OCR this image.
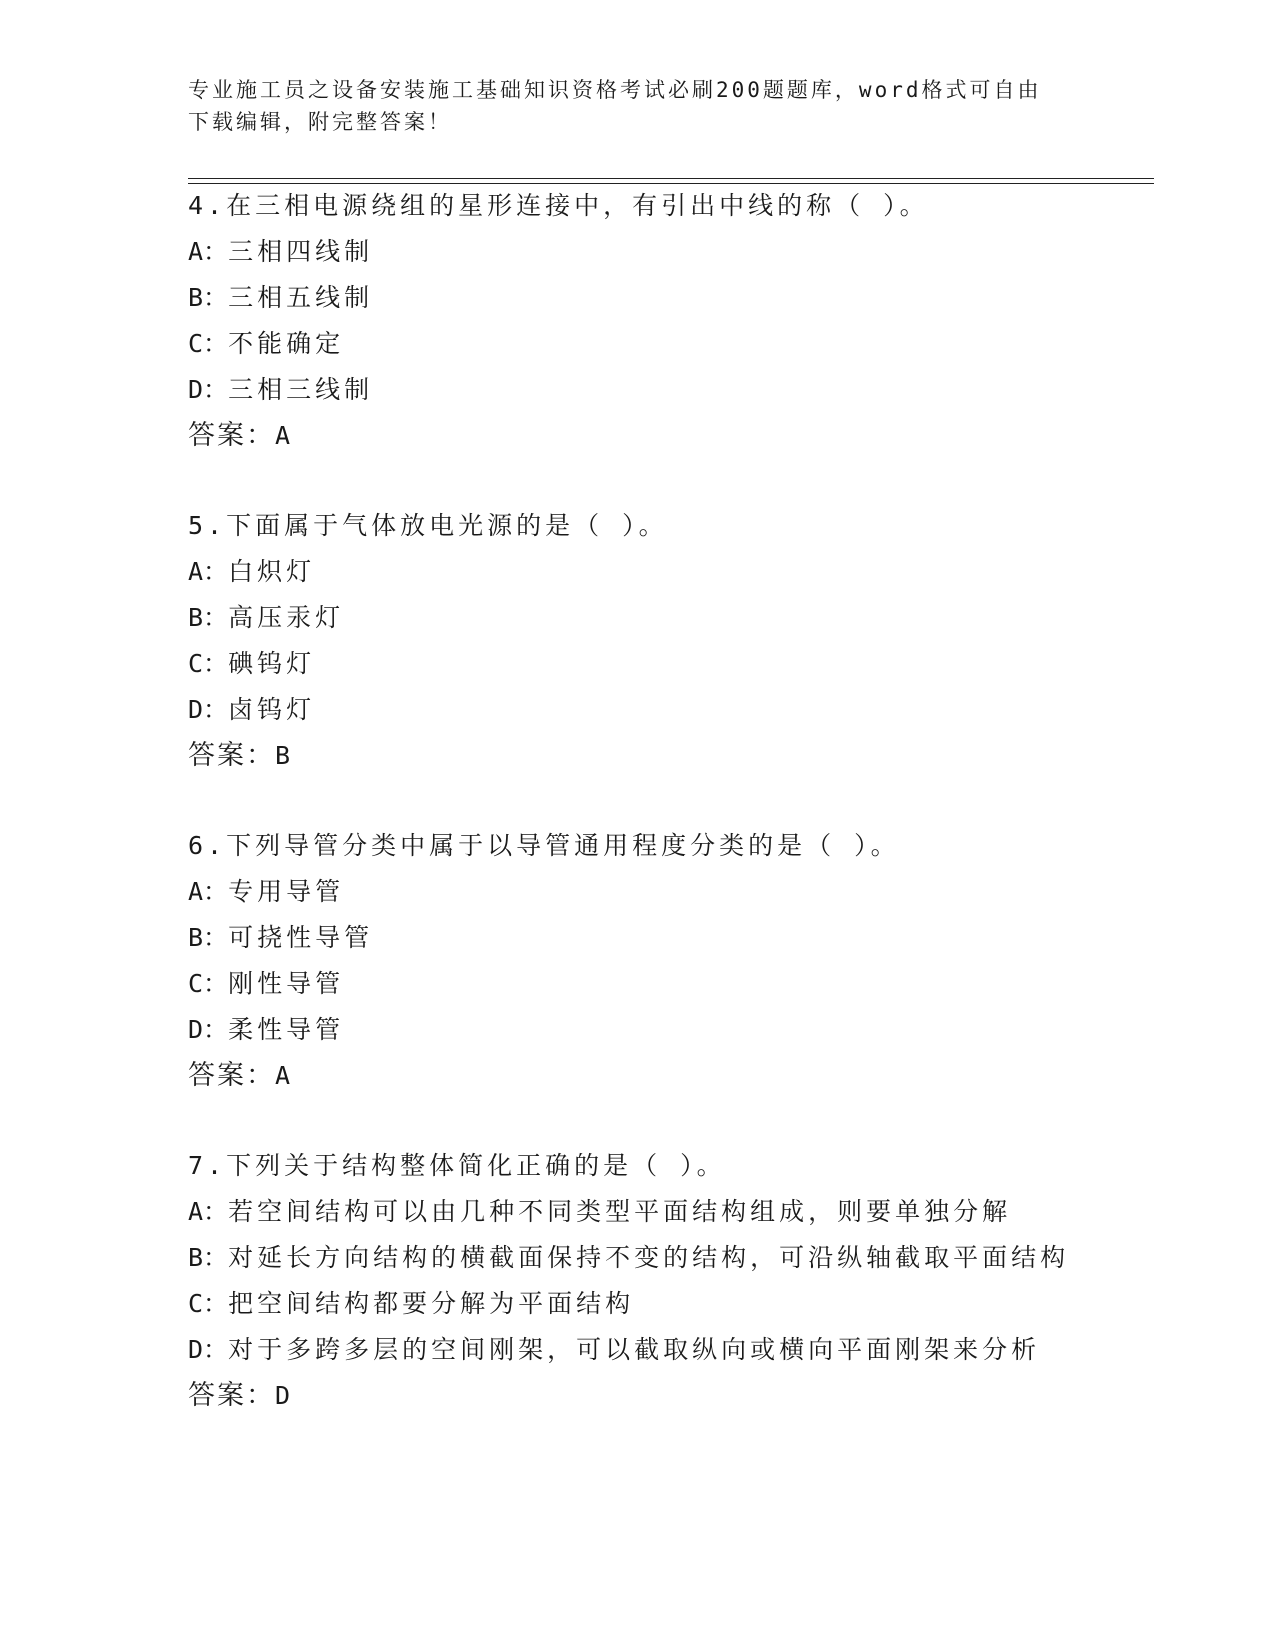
专业施工员之设备安装施工基础知识资格考试必刷200题题库，word格式可自由
下载编辑，附完整答案！

4.在三相电源绕组的星形连接中，有引出中线的称（ ）。

A：三相四线制

B：三相五线制

C：不能确定

D：三相三线制

答案：A

5.下面属于气体放电光源的是（ ）。

A：白炽灯

B：高压汞灯

C：碘钨灯

D：卤钨灯

答案：B

6.下列导管分类中属于以导管通用程度分类的是（ ）。

A：专用导管

B：可挠性导管

C：刚性导管

D：柔性导管

答案：A

7.下列关于结构整体简化正确的是（ ）。

A：若空间结构可以由几种不同类型平面结构组成，则要单独分解

B：对延长方向结构的横截面保持不变的结构，可沿纵轴截取平面结构

C：把空间结构都要分解为平面结构

D：对于多跨多层的空间刚架，可以截取纵向或横向平面刚架来分析

答案：D
